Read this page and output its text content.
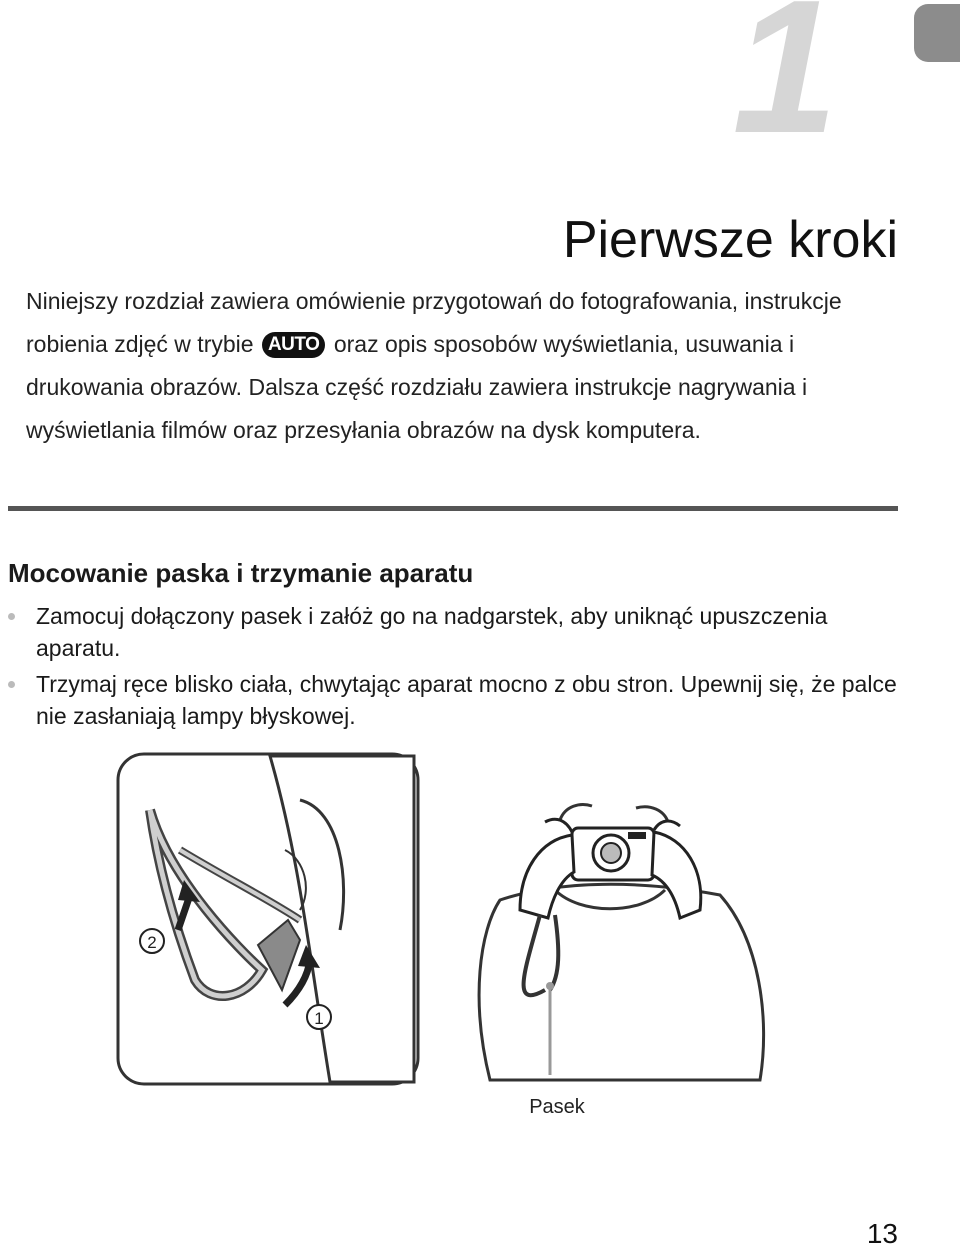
1
Pierwsze kroki

Niniejszy rozdział zawiera omówienie przygotowań do fotografowania, instrukcje robienia zdjęć w trybie AUTO oraz opis sposobów wyświetlania, usuwania i drukowania obrazów. Dalsza część rozdziału zawiera instrukcje nagrywania i wyświetlania filmów oraz przesyłania obrazów na dysk komputera.

Mocowanie paska i trzymanie aparatu
Zamocuj dołączony pasek i załóż go na nadgarstek, aby uniknąć upuszczenia aparatu.
Trzymaj ręce blisko ciała, chwytając aparat mocno z obu stron. Upewnij się, że palce nie zasłaniają lampy błyskowej.
2
1
Pasek
13
